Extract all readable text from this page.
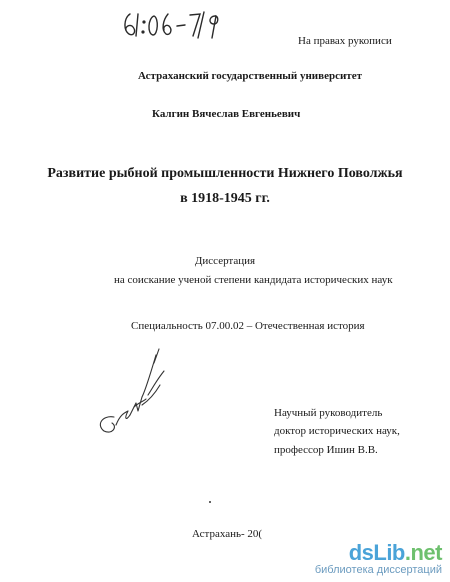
На правах рукописи
Астраханский государственный университет
Калгин Вячеслав Евгеньевич
Развитие рыбной промышленности Нижнего Поволжья
в 1918-1945 гг.
Диссертация
на соискание ученой степени кандидата исторических наук
Специальность 07.00.02 – Отечественная история
Научный руководитель
доктор исторических наук,
профессор Ишин В.В.
Астрахань- 20(
dsLib.net
библиотека диссертаций
